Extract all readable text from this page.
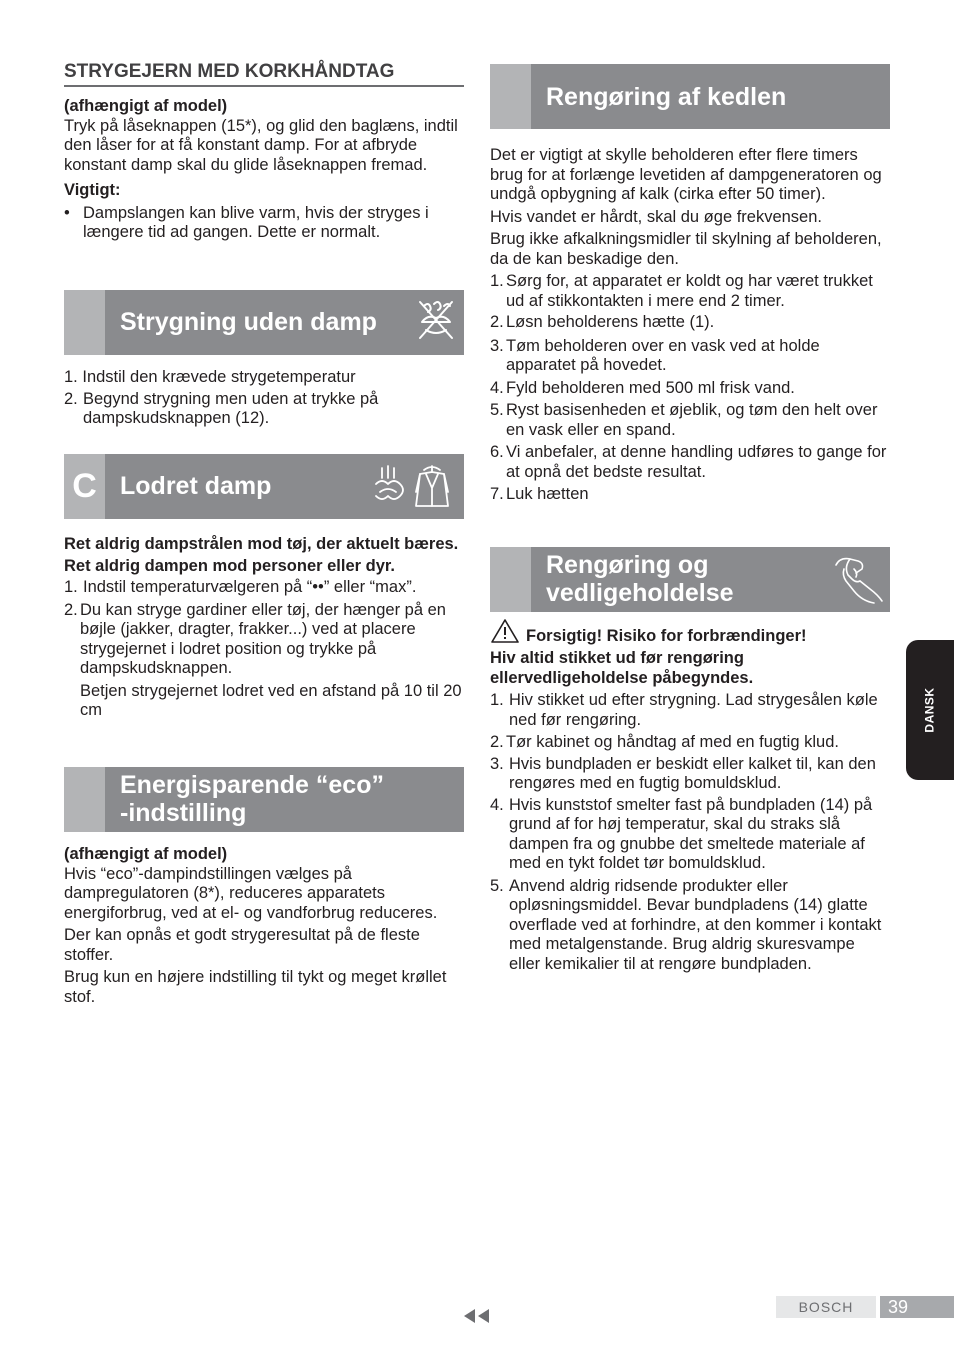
STRYGEJERN MED KORKHÅNDTAG

(afhængigt af model)

Tryk på låseknappen (15*), og glid den baglæns, indtil den låser for at få konstant damp. For at afbryde konstant damp skal du glide låseknappen fremad.

Vigtigt:

• Dampslangen kan blive varm, hvis der stryges i længere tid ad gangen. Dette er normalt.
Strygning uden damp
1. Indstil den krævede strygetemperatur
2. Begynd strygning men uden at trykke på dampskudsknappen (12).
C Lodret damp

Ret aldrig dampstrålen mod tøj, der aktuelt bæres.

Ret aldrig dampen mod personer eller dyr.

1. Indstil temperaturvælgeren på “••” eller “max”.
2. Du kan stryge gardiner eller tøj, der hænger på en bøjle (jakker, dragter, frakker...) ved at placere strygejernet i lodret position og trykke på dampskudsknappen.

Betjen strygejernet lodret ved en afstand på 10 til 20 cm

Energisparende “eco”
-indstilling

(afhængigt af model)

Hvis “eco”-dampindstillingen vælges på dampregulatoren (8*), reduceres apparatets energiforbrug, ved at el- og vandforbrug reduceres.

Der kan opnås et godt strygeresultat på de fleste stoffer.

Brug kun en højere indstilling til tykt og meget krøllet stof.

Rengøring af kedlen

Det er vigtigt at skylle beholderen efter flere timers brug for at forlænge levetiden af dampgeneratoren og undgå opbygning af kalk (cirka efter 50 timer).

Hvis vandet er hårdt, skal du øge frekvensen.

Brug ikke afkalkningsmidler til skylning af beholderen, da de kan beskadige den.

1. Sørg for, at apparatet er koldt og har været trukket ud af stikkontakten i mere end 2 timer.
2. Løsn beholderens hætte (1).
3. Tøm beholderen over en vask ved at holde apparatet på hovedet.
4. Fyld beholderen med 500 ml frisk vand.
5. Ryst basisenheden et øjeblik, og tøm den helt over en vask eller en spand.
6. Vi anbefaler, at denne handling udføres to gange for at opnå det bedste resultat.
7. Luk hætten
Rengøring og
vedligeholdelse
Forsigtig! Risiko for forbrændinger!

Hiv altid stikket ud før rengøring ellervedligeholdelse påbegyndes.

1. Hiv stikket ud efter strygning. Lad strygesålen køle ned før rengøring.
2. Tør kabinet og håndtag af med en fugtig klud.
3. Hvis bundpladen er beskidt eller kalket til, kan den rengøres med en fugtig bomuldsklud.
4. Hvis kunststof smelter fast på bundpladen (14) på grund af for høj temperatur, skal du straks slå dampen fra og gnubbe det smeltede materiale af med en tykt foldet tør bomuldsklud.
5. Anvend aldrig ridsende produkter eller opløsningsmiddel. Bevar bundpladens (14) glatte overflade ved at forhindre, at den kommer i kontakt med metalgenstande. Brug aldrig skuresvampe eller kemikalier til at rengøre bundpladen.
DANSK
BOSCH	39
